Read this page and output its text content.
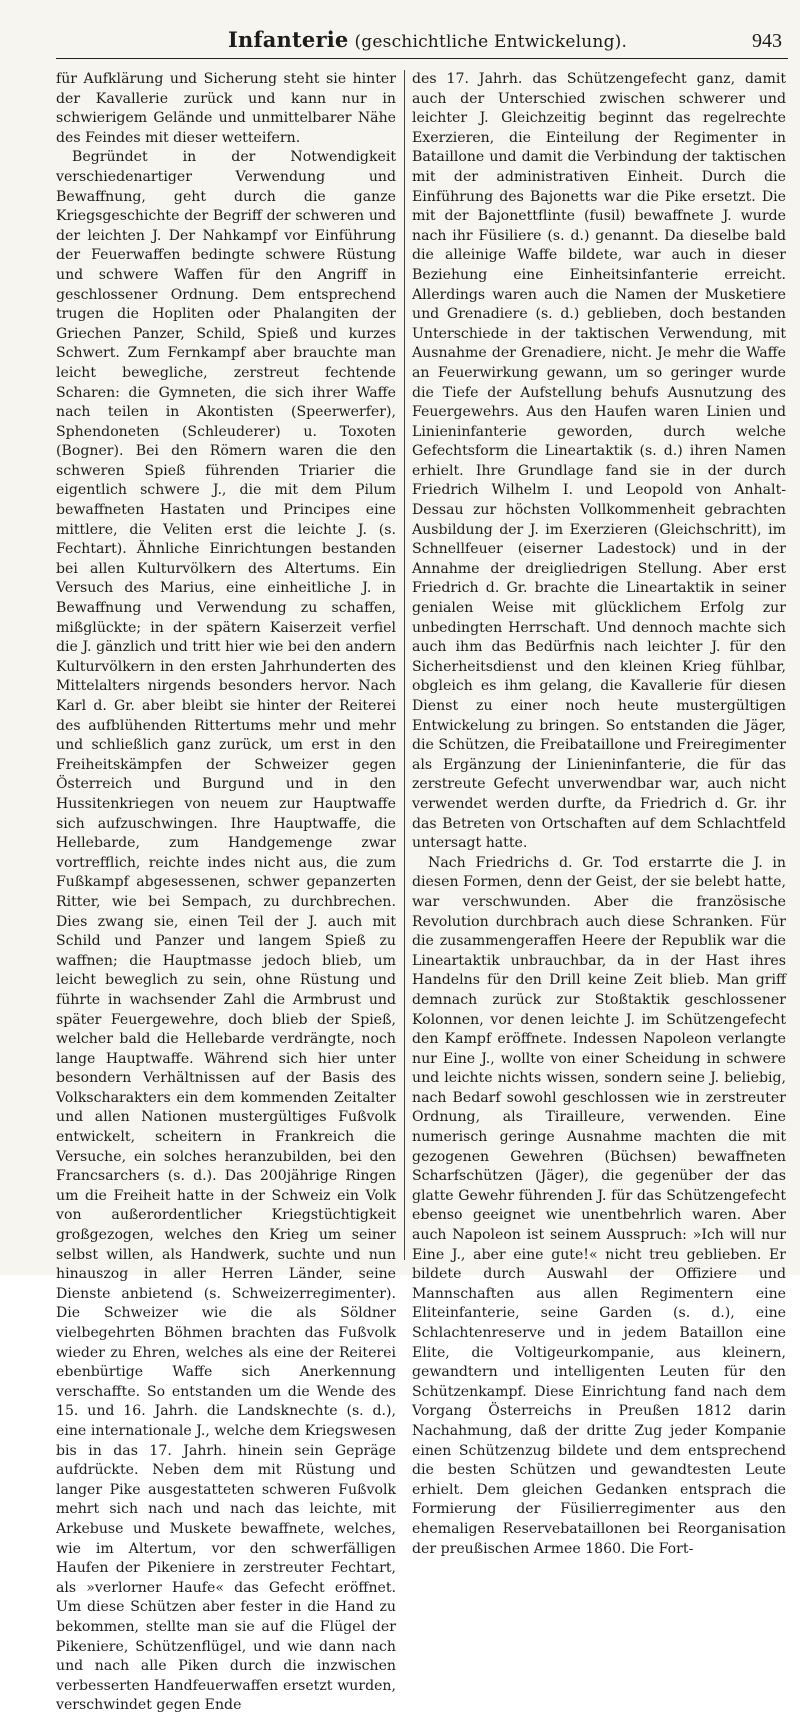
Infanterie (geschichtliche Entwickelung).	943

für Aufklärung und Sicherung steht sie hinter der Kavallerie zurück und kann nur in schwierigem Gelände und unmittelbarer Nähe des Feindes mit dieser wetteifern.

Begründet in der Notwendigkeit verschiedenartiger Verwendung und Bewaffnung, geht durch die ganze Kriegsgeschichte der Begriff der schweren und der leichten J. Der Nahkampf vor Einführung der Feuerwaffen bedingte schwere Rüstung und schwere Waffen für den Angriff in geschlossener Ordnung. Dem entsprechend trugen die Hopliten oder Phalangiten der Griechen Panzer, Schild, Spieß und kurzes Schwert. Zum Fernkampf aber brauchte man leicht bewegliche, zerstreut fechtende Scharen: die Gymneten, die sich ihrer Waffe nach teilen in Akontisten (Speerwerfer), Sphendoneten (Schleuderer) u. Toxoten (Bogner). Bei den Römern waren die den schweren Spieß führenden Triarier die eigentlich schwere J., die mit dem Pilum bewaffneten Hastaten und Principes eine mittlere, die Veliten erst die leichte J. (s. Fechtart). Ähnliche Einrichtungen bestanden bei allen Kulturvölkern des Altertums. Ein Versuch des Marius, eine einheitliche J. in Bewaffnung und Verwendung zu schaffen, mißglückte; in der spätern Kaiserzeit verfiel die J. gänzlich und tritt hier wie bei den andern Kulturvölkern in den ersten Jahrhunderten des Mittelalters nirgends besonders hervor. Nach Karl d. Gr. aber bleibt sie hinter der Reiterei des aufblühenden Rittertums mehr und mehr und schließlich ganz zurück, um erst in den Freiheitskämpfen der Schweizer gegen Österreich und Burgund und in den Hussitenkriegen von neuem zur Hauptwaffe sich aufzuschwingen. Ihre Hauptwaffe, die Hellebarde, zum Handgemenge zwar vortrefflich, reichte indes nicht aus, die zum Fußkampf abgesessenen, schwer gepanzerten Ritter, wie bei Sempach, zu durchbrechen. Dies zwang sie, einen Teil der J. auch mit Schild und Panzer und langem Spieß zu waffnen; die Hauptmasse jedoch blieb, um leicht beweglich zu sein, ohne Rüstung und führte in wachsender Zahl die Armbrust und später Feuergewehre, doch blieb der Spieß, welcher bald die Hellebarde verdrängte, noch lange Hauptwaffe. Während sich hier unter besondern Verhältnissen auf der Basis des Volkscharakters ein dem kommenden Zeitalter und allen Nationen mustergültiges Fußvolk entwickelt, scheitern in Frankreich die Versuche, ein solches heranzubilden, bei den Francsarchers (s. d.). Das 200jährige Ringen um die Freiheit hatte in der Schweiz ein Volk von außerordentlicher Kriegstüchtigkeit großgezogen, welches den Krieg um seiner selbst willen, als Handwerk, suchte und nun hinauszog in aller Herren Länder, seine Dienste anbietend (s. Schweizerregimenter). Die Schweizer wie die als Söldner vielbegehrten Böhmen brachten das Fußvolk wieder zu Ehren, welches als eine der Reiterei ebenbürtige Waffe sich Anerkennung verschaffte. So entstanden um die Wende des 15. und 16. Jahrh. die Landsknechte (s. d.), eine internationale J., welche dem Kriegswesen bis in das 17. Jahrh. hinein sein Gepräge aufdrückte. Neben dem mit Rüstung und langer Pike ausgestatteten schweren Fußvolk mehrt sich nach und nach das leichte, mit Arkebuse und Muskete bewaffnete, welches, wie im Altertum, vor den schwerfälligen Haufen der Pikeniere in zerstreuter Fechtart, als »verlorner Haufe« das Gefecht eröffnet. Um diese Schützen aber fester in die Hand zu bekommen, stellte man sie auf die Flügel der Pikeniere, Schützenflügel, und wie dann nach und nach alle Piken durch die inzwischen verbesserten Handfeuerwaffen ersetzt wurden, verschwindet gegen Ende

des 17. Jahrh. das Schützengefecht ganz, damit auch der Unterschied zwischen schwerer und leichter J. Gleichzeitig beginnt das regelrechte Exerzieren, die Einteilung der Regimenter in Bataillone und damit die Verbindung der taktischen mit der administrativen Einheit. Durch die Einführung des Bajonetts war die Pike ersetzt. Die mit der Bajonettflinte (fusil) bewaffnete J. wurde nach ihr Füsiliere (s. d.) genannt. Da dieselbe bald die alleinige Waffe bildete, war auch in dieser Beziehung eine Einheitsinfanterie erreicht. Allerdings waren auch die Namen der Musketiere und Grenadiere (s. d.) geblieben, doch bestanden Unterschiede in der taktischen Verwendung, mit Ausnahme der Grenadiere, nicht. Je mehr die Waffe an Feuerwirkung gewann, um so geringer wurde die Tiefe der Aufstellung behufs Ausnutzung des Feuergewehrs. Aus den Haufen waren Linien und Linieninfanterie geworden, durch welche Gefechtsform die Lineartaktik (s. d.) ihren Namen erhielt. Ihre Grundlage fand sie in der durch Friedrich Wilhelm I. und Leopold von Anhalt-Dessau zur höchsten Vollkommenheit gebrachten Ausbildung der J. im Exerzieren (Gleichschritt), im Schnellfeuer (eiserner Ladestock) und in der Annahme der dreigliedrigen Stellung. Aber erst Friedrich d. Gr. brachte die Lineartaktik in seiner genialen Weise mit glücklichem Erfolg zur unbedingten Herrschaft. Und dennoch machte sich auch ihm das Bedürfnis nach leichter J. für den Sicherheitsdienst und den kleinen Krieg fühlbar, obgleich es ihm gelang, die Kavallerie für diesen Dienst zu einer noch heute mustergültigen Entwickelung zu bringen. So entstanden die Jäger, die Schützen, die Freibataillone und Freiregimenter als Ergänzung der Linieninfanterie, die für das zerstreute Gefecht unverwendbar war, auch nicht verwendet werden durfte, da Friedrich d. Gr. ihr das Betreten von Ortschaften auf dem Schlachtfeld untersagt hatte.

Nach Friedrichs d. Gr. Tod erstarrte die J. in diesen Formen, denn der Geist, der sie belebt hatte, war verschwunden. Aber die französische Revolution durchbrach auch diese Schranken. Für die zusammengeraffen Heere der Republik war die Lineartaktik unbrauchbar, da in der Hast ihres Handelns für den Drill keine Zeit blieb. Man griff demnach zurück zur Stoßtaktik geschlossener Kolonnen, vor denen leichte J. im Schützengefecht den Kampf eröffnete. Indessen Napoleon verlangte nur Eine J., wollte von einer Scheidung in schwere und leichte nichts wissen, sondern seine J. beliebig, nach Bedarf sowohl geschlossen wie in zerstreuter Ordnung, als Tirailleure, verwenden. Eine numerisch geringe Ausnahme machten die mit gezogenen Gewehren (Büchsen) bewaffneten Scharfschützen (Jäger), die gegenüber der das glatte Gewehr führenden J. für das Schützengefecht ebenso geeignet wie unentbehrlich waren. Aber auch Napoleon ist seinem Ausspruch: »Ich will nur Eine J., aber eine gute!« nicht treu geblieben. Er bildete durch Auswahl der Offiziere und Mannschaften aus allen Regimentern eine Eliteinfanterie, seine Garden (s. d.), eine Schlachtenreserve und in jedem Bataillon eine Elite, die Voltigeurkompanie, aus kleinern, gewandtern und intelligenten Leuten für den Schützenkampf. Diese Einrichtung fand nach dem Vorgang Österreichs in Preußen 1812 darin Nachahmung, daß der dritte Zug jeder Kompanie einen Schützenzug bildete und dem entsprechend die besten Schützen und gewandtesten Leute erhielt. Dem gleichen Gedanken entsprach die Formierung der Füsilierregimenter aus den ehemaligen Reservebataillonen bei Reorganisation der preußischen Armee 1860. Die Fort-
